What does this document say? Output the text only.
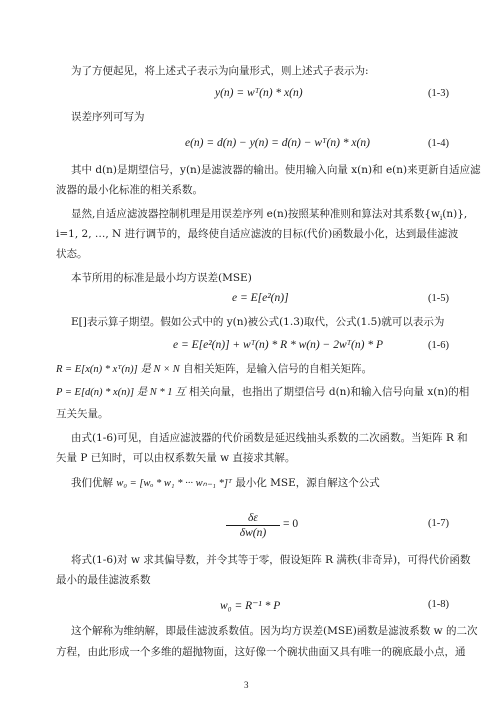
为了方便起见，将上述式子表示为向量形式，则上述式子表示为:
y(n) = wᵀ(n) * x(n)	(1-3)
误差序列可写为
e(n) = d(n) − y(n) = d(n) − wᵀ(n) * x(n)	(1-4)
其中 d(n)是期望信号，y(n)是滤波器的输出。使用输入向量 x(n)和 e(n)来更新自适应滤
波器的最小化标准的相关系数。
显然,自适应滤波器控制机理是用误差序列 e(n)按照某种准则和算法对其系数$\{w_i(n)\}$,
i=1, 2, …, N 进行调节的，最终使自适应滤波的目标(代价)函数最小化，达到最佳滤波
状态。
本节所用的标准是最小均方误差(MSE)
e = E[e²(n)]	(1-5)
E[]表示算子期望。假如公式中的 y(n)被公式(1.3)取代，公式(1.5)就可以表示为
e = E[e²(n)] + wᵀ(n) * R * w(n) − 2wᵀ(n) * P	(1-6)
R = E[x(n) * xᵀ(n)] 是 N × N 自相关矩阵，是输入信号的自相关矩阵。
P = E[d(n) * x(n)] 是 N * 1 互 相关向量，也指出了期望信号 d(n)和输入信号向量 x(n)的相
互关矢量。
由式(1-6)可见，自适应滤波器的代价函数是延迟线抽头系数的二次函数。当矩阵 R 和
矢量 P 已知时，可以由权系数矢量 w 直接求其解。
我们优解 w₀ = [wₒ * w₁ * ··· wₙ₋₁ *]ᵀ 最小化 MSE，源自解这个公式
$\frac{\delta\varepsilon}{\delta w(n)} = 0$	(1-7)
将式(1-6)对 w 求其偏导数，并令其等于零，假设矩阵 R 满秩(非奇异)，可得代价函数
最小的最佳滤波系数
w₀ = R⁻¹ * P	(1-8)
这个解称为维纳解，即最佳滤波系数值。因为均方误差(MSE)函数是滤波系数 w 的二次
方程，由此形成一个多维的超抛物面，这好像一个碗状曲面又具有唯一的碗底最小点，通
3
